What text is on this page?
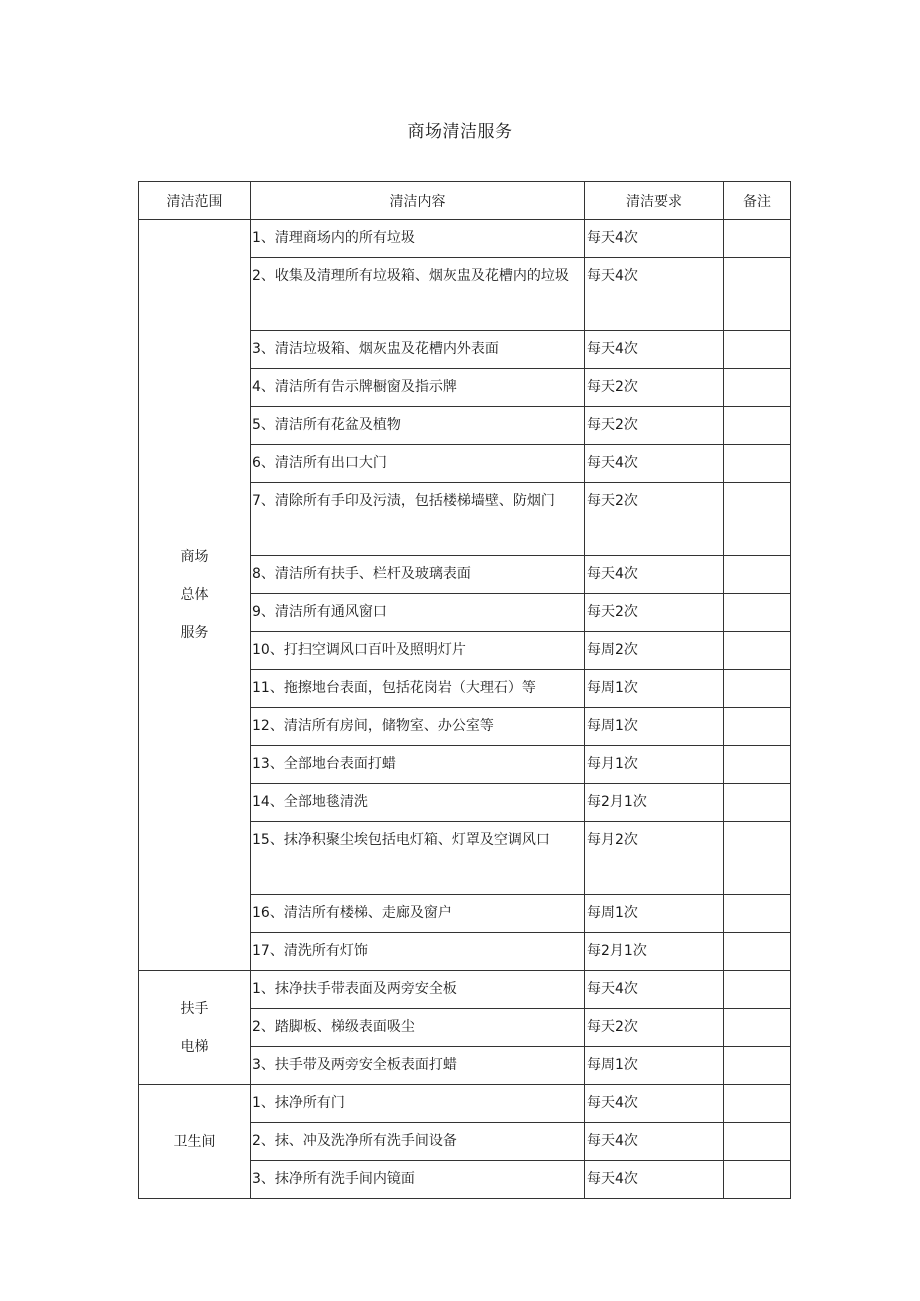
商场清洁服务
清洁范围	清洁内容	清洁要求	备注

商场
总体
服务	1、清理商场内的所有垃圾	每天4次	
	2、收集及清理所有垃圾箱、烟灰盅及花槽内的垃圾	每天4次	
	3、清洁垃圾箱、烟灰盅及花槽内外表面	每天4次	
	4、清洁所有告示牌橱窗及指示牌	每天2次	
	5、清洁所有花盆及植物	每天2次	
	6、清洁所有出口大门	每天4次	
	7、清除所有手印及污渍，包括楼梯墙壁、防烟门	每天2次	
	8、清洁所有扶手、栏杆及玻璃表面	每天4次	
	9、清洁所有通风窗口	每天2次	
	10、打扫空调风口百叶及照明灯片	每周2次	
	11、拖擦地台表面，包括花岗岩（大理石）等	每周1次	
	12、清洁所有房间，储物室、办公室等	每周1次	
	13、全部地台表面打蜡	每月1次	
	14、全部地毯清洗	每2月1次	
	15、抹净积聚尘埃包括电灯箱、灯罩及空调风口	每月2次	
	16、清洁所有楼梯、走廊及窗户	每周1次	
	17、清洗所有灯饰	每2月1次	

扶手
电梯	1、抹净扶手带表面及两旁安全板	每天4次	
	2、踏脚板、梯级表面吸尘	每天2次	
	3、扶手带及两旁安全板表面打蜡	每周1次	

卫生间	1、抹净所有门	每天4次	
	2、抹、冲及洗净所有洗手间设备	每天4次	
	3、抹净所有洗手间内镜面	每天4次	
